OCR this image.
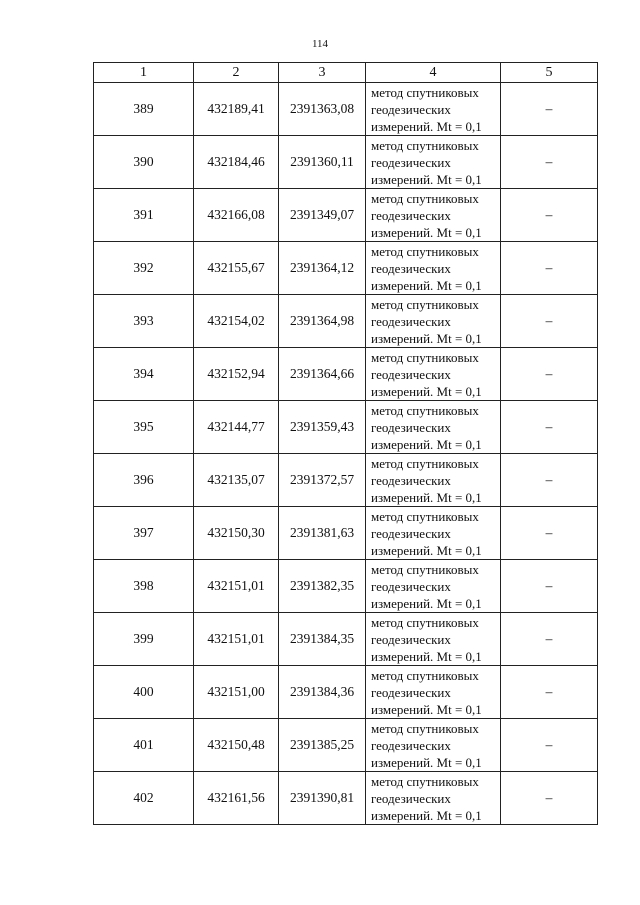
114
1	2	3	4	5
389	432189,41	2391363,08	метод спутниковых
геодезических
измерений. Mt = 0,1	–
390	432184,46	2391360,11	метод спутниковых
геодезических
измерений. Mt = 0,1	–
391	432166,08	2391349,07	метод спутниковых
геодезических
измерений. Mt = 0,1	–
392	432155,67	2391364,12	метод спутниковых
геодезических
измерений. Mt = 0,1	–
393	432154,02	2391364,98	метод спутниковых
геодезических
измерений. Mt = 0,1	–
394	432152,94	2391364,66	метод спутниковых
геодезических
измерений. Mt = 0,1	–
395	432144,77	2391359,43	метод спутниковых
геодезических
измерений. Mt = 0,1	–
396	432135,07	2391372,57	метод спутниковых
геодезических
измерений. Mt = 0,1	–
397	432150,30	2391381,63	метод спутниковых
геодезических
измерений. Mt = 0,1	–
398	432151,01	2391382,35	метод спутниковых
геодезических
измерений. Mt = 0,1	–
399	432151,01	2391384,35	метод спутниковых
геодезических
измерений. Mt = 0,1	–
400	432151,00	2391384,36	метод спутниковых
геодезических
измерений. Mt = 0,1	–
401	432150,48	2391385,25	метод спутниковых
геодезических
измерений. Mt = 0,1	–
402	432161,56	2391390,81	метод спутниковых
геодезических
измерений. Mt = 0,1	–
